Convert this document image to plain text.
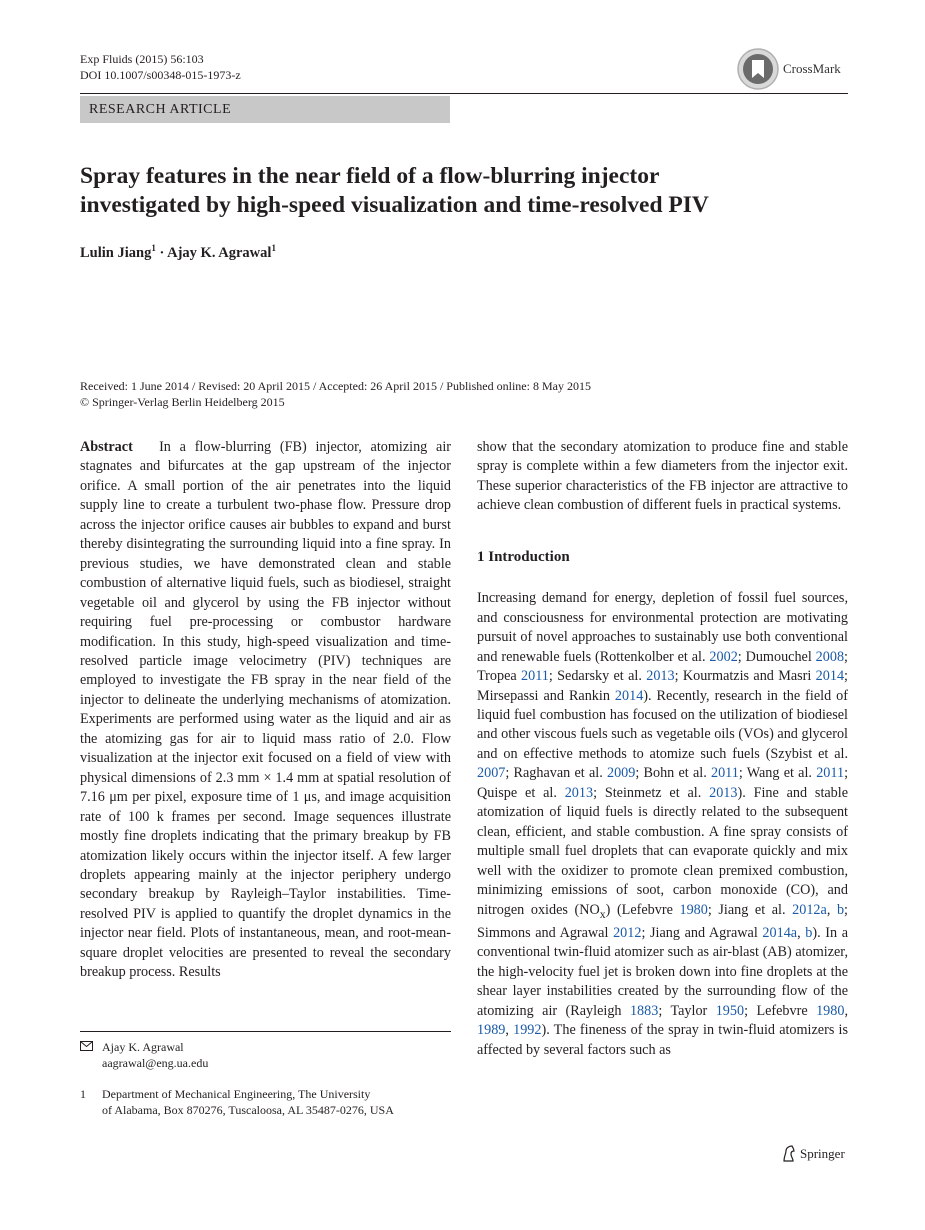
Exp Fluids (2015) 56:103
DOI 10.1007/s00348-015-1973-z	CrossMark
RESEARCH ARTICLE
Spray features in the near field of a flow-blurring injector
investigated by high-speed visualization and time-resolved PIV
Lulin Jiang$^1$ · Ajay K. Agrawal$^1$
Received: 1 June 2014 / Revised: 20 April 2015 / Accepted: 26 April 2015 / Published online: 8 May 2015
© Springer-Verlag Berlin Heidelberg 2015

Abstract In a flow-blurring (FB) injector, atomizing air stagnates and bifurcates at the gap upstream of the injector orifice. A small portion of the air penetrates into the liquid supply line to create a turbulent two-phase flow. Pressure drop across the injector orifice causes air bubbles to expand and burst thereby disintegrating the surrounding liquid into a fine spray. In previous studies, we have demonstrated clean and stable combustion of alternative liquid fuels, such as biodiesel, straight vegetable oil and glycerol by using the FB injector without requiring fuel pre-processing or combustor hardware modification. In this study, high-speed visualization and time-resolved particle image velocimetry (PIV) techniques are employed to investigate the FB spray in the near field of the injector to delineate the underlying mechanisms of atomization. Experiments are performed using water as the liquid and air as the atomizing gas for air to liquid mass ratio of 2.0. Flow visualization at the injector exit focused on a field of view with physical dimensions of 2.3 mm × 1.4 mm at spatial resolution of 7.16 μm per pixel, exposure time of 1 μs, and image acquisition rate of 100 k frames per second. Image sequences illustrate mostly fine droplets indicating that the primary breakup by FB atomization likely occurs within the injector itself. A few larger droplets appearing mainly at the injector periphery undergo secondary breakup by Rayleigh–Taylor instabilities. Time-resolved PIV is applied to quantify the droplet dynamics in the injector near field. Plots of instantaneous, mean, and root-mean-square droplet velocities are presented to reveal the secondary breakup process. Results

show that the secondary atomization to produce fine and stable spray is complete within a few diameters from the injector exit. These superior characteristics of the FB injector are attractive to achieve clean combustion of different fuels in practical systems.

1 Introduction

Increasing demand for energy, depletion of fossil fuel sources, and consciousness for environmental protection are motivating pursuit of novel approaches to sustainably use both conventional and renewable fuels (Rottenkolber et al. 2002; Dumouchel 2008; Tropea 2011; Sedarsky et al. 2013; Kourmatzis and Masri 2014; Mirsepassi and Rankin 2014). Recently, research in the field of liquid fuel combustion has focused on the utilization of biodiesel and other viscous fuels such as vegetable oils (VOs) and glycerol and on effective methods to atomize such fuels (Szybist et al. 2007; Raghavan et al. 2009; Bohn et al. 2011; Wang et al. 2011; Quispe et al. 2013; Steinmetz et al. 2013). Fine and stable atomization of liquid fuels is directly related to the subsequent clean, efficient, and stable combustion. A fine spray consists of multiple small fuel droplets that can evaporate quickly and mix well with the oxidizer to promote clean premixed combustion, minimizing emissions of soot, carbon monoxide (CO), and nitrogen oxides $(NO_x)$ (Lefebvre 1980; Jiang et al. 2012a, b; Simmons and Agrawal 2012; Jiang and Agrawal 2014a, b). In a conventional twin-fluid atomizer such as air-blast (AB) atomizer, the high-velocity fuel jet is broken down into fine droplets at the shear layer instabilities created by the surrounding flow of the atomizing air (Rayleigh 1883; Taylor 1950; Lefebvre 1980, 1989, 1992). The fineness of the spray in twin-fluid atomizers is affected by several factors such as

Ajay K. Agrawal
aagrawal@eng.ua.edu
1	Department of Mechanical Engineering, The University
of Alabama, Box 870276, Tuscaloosa, AL 35487-0276, USA
Springer
